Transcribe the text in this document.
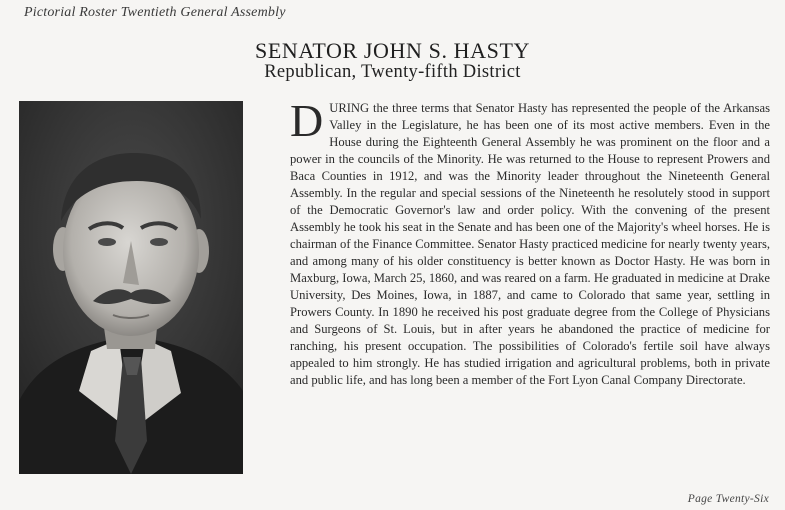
Pictorial Roster Twentieth General Assembly
SENATOR JOHN S. HASTY
Republican, Twenty-fifth District

DURING the three terms that Senator Hasty has represented the people of the Arkansas Valley in the Legislature, he has been one of its most active members. Even in the House during the Eighteenth General Assembly he was prominent on the floor and a power in the councils of the Minority. He was returned to the House to represent Prowers and Baca Counties in 1912, and was the Minority leader throughout the Nineteenth General Assembly. In the regular and special sessions of the Nineteenth he resolutely stood in support of the Democratic Governor's law and order policy. With the convening of the present Assembly he took his seat in the Senate and has been one of the Majority's wheel horses. He is chairman of the Finance Committee. Senator Hasty practiced medicine for nearly twenty years, and among many of his older constituency is better known as Doctor Hasty. He was born in Maxburg, Iowa, March 25, 1860, and was reared on a farm. He graduated in medicine at Drake University, Des Moines, Iowa, in 1887, and came to Colorado that same year, settling in Prowers County. In 1890 he received his post graduate degree from the College of Physicians and Surgeons of St. Louis, but in after years he abandoned the practice of medicine for ranching, his present occupation. The possibilities of Colorado's fertile soil have always appealed to him strongly. He has studied irrigation and agricultural problems, both in private and public life, and has long been a member of the Fort Lyon Canal Company Directorate.

Page Twenty-Six
